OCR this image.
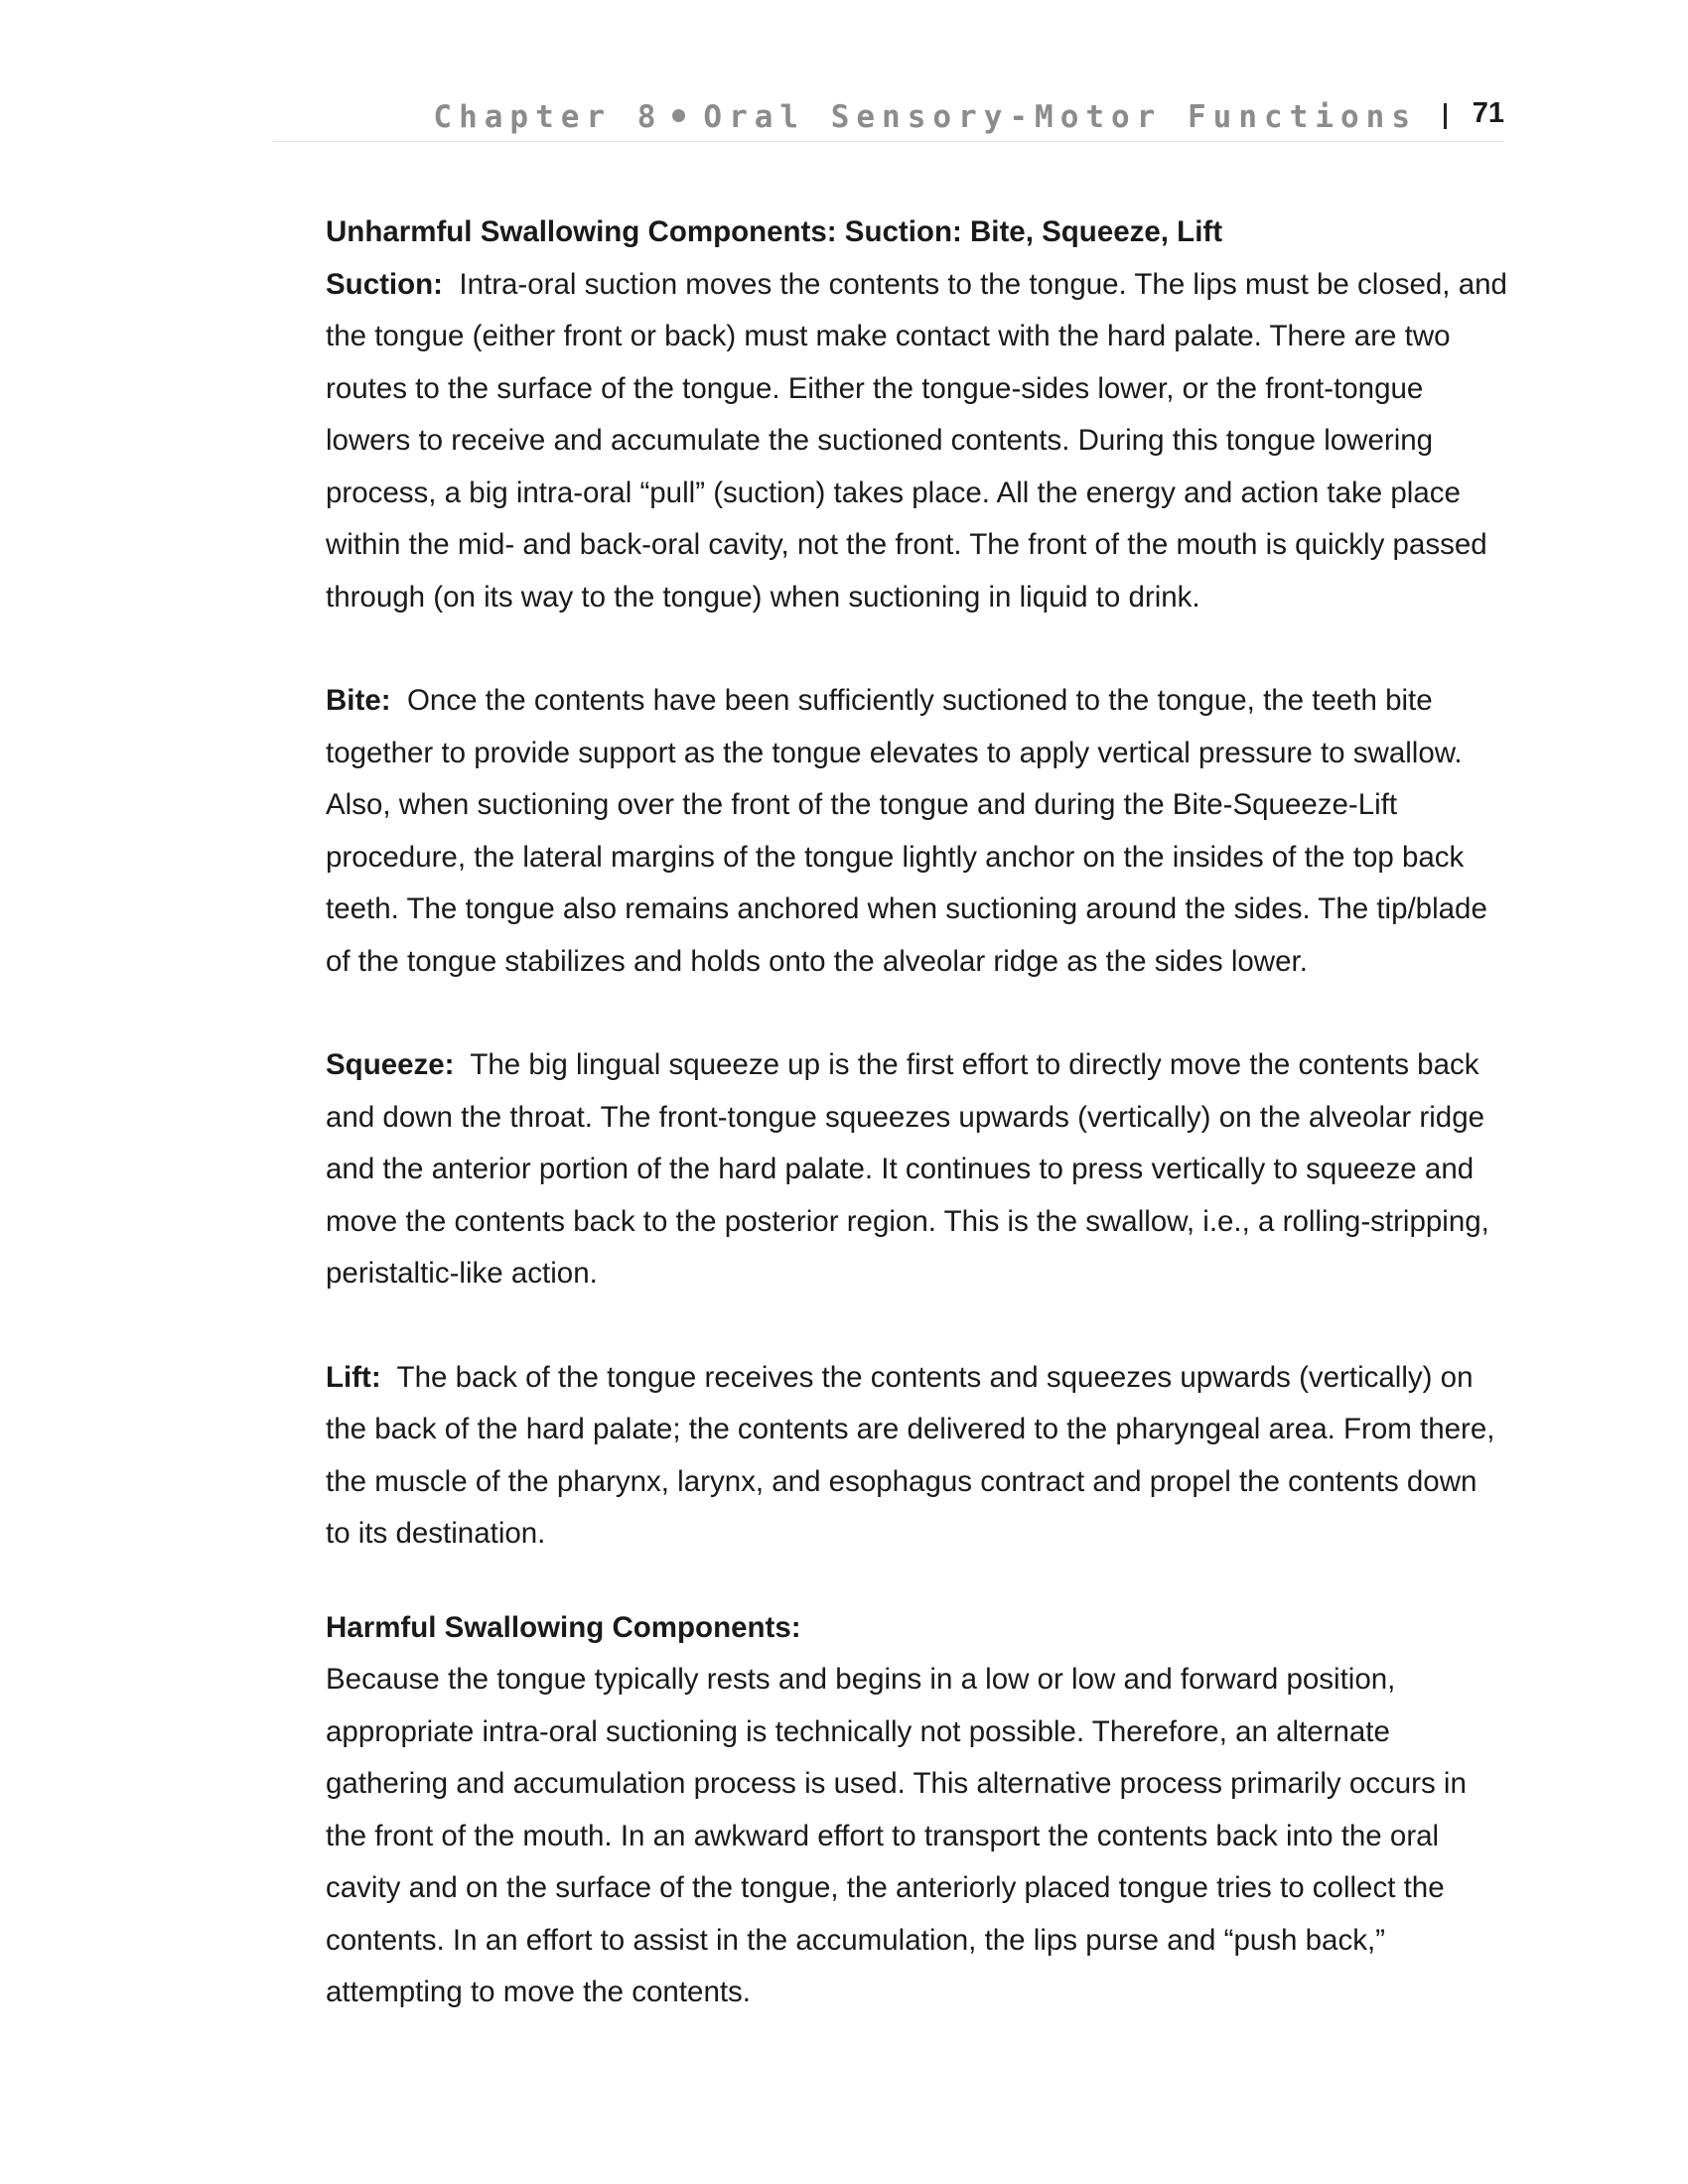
Chapter 8 Oral Sensory-Motor Functions 71

Unharmful Swallowing Components: Suction: Bite, Squeeze, Lift

Suction: Intra-oral suction moves the contents to the tongue. The lips must be closed, and the tongue (either front or back) must make contact with the hard palate. There are two routes to the surface of the tongue. Either the tongue-sides lower, or the front-tongue lowers to receive and accumulate the suctioned contents. During this tongue lowering process, a big intra-oral “pull” (suction) takes place. All the energy and action take place within the mid- and back-oral cavity, not the front. The front of the mouth is quickly passed through (on its way to the tongue) when suctioning in liquid to drink.

Bite: Once the contents have been sufficiently suctioned to the tongue, the teeth bite together to provide support as the tongue elevates to apply vertical pressure to swallow. Also, when suctioning over the front of the tongue and during the Bite-Squeeze-Lift procedure, the lateral margins of the tongue lightly anchor on the insides of the top back teeth. The tongue also remains anchored when suctioning around the sides. The tip/blade of the tongue stabilizes and holds onto the alveolar ridge as the sides lower.

Squeeze: The big lingual squeeze up is the first effort to directly move the contents back and down the throat. The front-tongue squeezes upwards (vertically) on the alveolar ridge and the anterior portion of the hard palate. It continues to press vertically to squeeze and move the contents back to the posterior region. This is the swallow, i.e., a rolling-stripping, peristaltic-like action.

Lift: The back of the tongue receives the contents and squeezes upwards (vertically) on the back of the hard palate; the contents are delivered to the pharyngeal area. From there, the muscle of the pharynx, larynx, and esophagus contract and propel the contents down to its destination.

Harmful Swallowing Components:

Because the tongue typically rests and begins in a low or low and forward position, appropriate intra-oral suctioning is technically not possible. Therefore, an alternate gathering and accumulation process is used. This alternative process primarily occurs in the front of the mouth. In an awkward effort to transport the contents back into the oral cavity and on the surface of the tongue, the anteriorly placed tongue tries to collect the contents. In an effort to assist in the accumulation, the lips purse and “push back,” attempting to move the contents.
